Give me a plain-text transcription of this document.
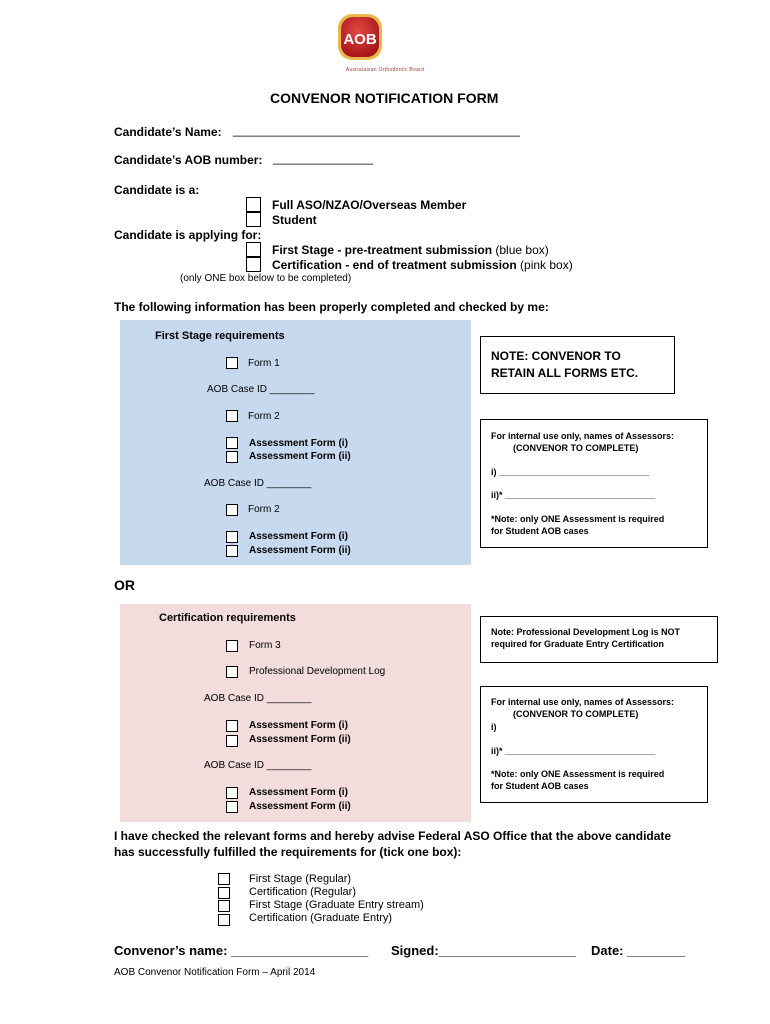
AOB
Australasian Orthodontic Board
CONVENOR NOTIFICATION FORM
Candidate’s Name: ___________________________________________
Candidate’s AOB number: _______________
Candidate is a:
Full ASO/NZAO/Overseas Member
Student
Candidate is applying for:
First Stage - pre-treatment submission (blue box)
Certification - end of treatment submission (pink box)
(only ONE box below to be completed)
The following information has been properly completed and checked by me:
First Stage requirements
Form 1
AOB Case ID ________
Form 2
Assessment Form (i)
Assessment Form (ii)
AOB Case ID ________
Form 2
Assessment Form (i)
Assessment Form (ii)
NOTE: CONVENOR TO
RETAIN ALL FORMS ETC.
For internal use only, names of Assessors:
(CONVENOR TO COMPLETE)
i) ______________________________
ii)* ______________________________
*Note: only ONE Assessment is required
for Student AOB cases
OR
Certification requirements
Form 3
Professional Development Log
AOB Case ID ________
Assessment Form (i)
Assessment Form (ii)
AOB Case ID ________
Assessment Form (i)
Assessment Form (ii)
Note: Professional Development Log is NOT
required for Graduate Entry Certification
For internal use only, names of Assessors:
(CONVENOR TO COMPLETE)
i)
ii)* ______________________________
*Note: only ONE Assessment is required
for Student AOB cases
I have checked the relevant forms and hereby advise Federal ASO Office that the above candidate
has successfully fulfilled the requirements for (tick one box):
First Stage (Regular)
Certification (Regular)
First Stage (Graduate Entry stream)
Certification (Graduate Entry)
Convenor’s name: ___________________ Signed:___________________ Date: ________
AOB Convenor Notification Form – April 2014
